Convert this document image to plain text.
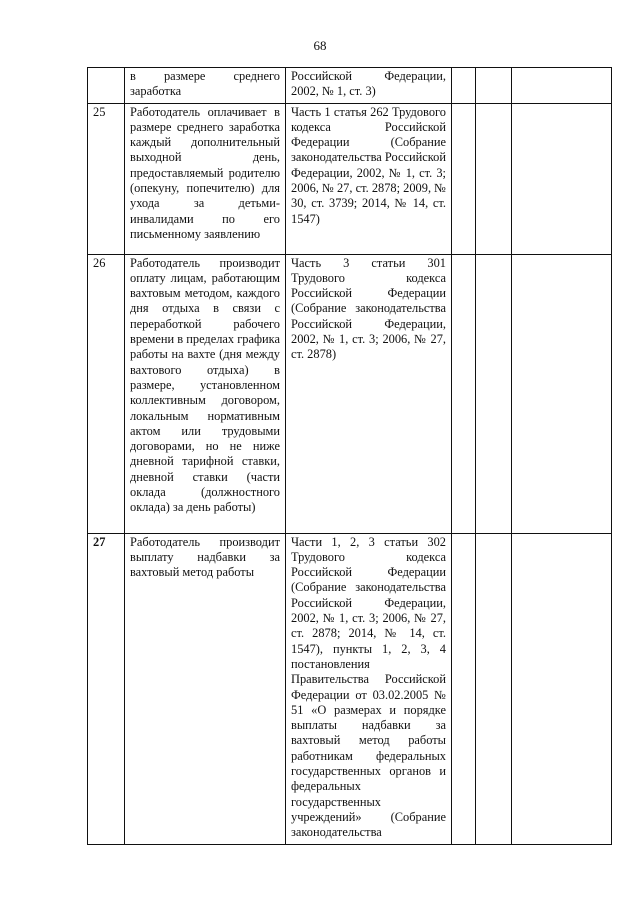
68
	в размере среднего заработка	Российской Федерации, 2002, № 1, ст. 3)			
25	Работодатель оплачивает в размере среднего заработка каждый дополнительный выходной день, предоставляемый родителю (опекуну, попечителю) для ухода за детьми-инвалидами по его письменному заявлению	Часть 1 статья 262 Трудового кодекса Российской Федерации (Собрание законодательства Российской Федерации, 2002, № 1, ст. 3; 2006, № 27, ст. 2878; 2009, № 30, ст. 3739; 2014, № 14, ст. 1547)			
26	Работодатель производит оплату лицам, работающим вахтовым методом, каждого дня отдыха в связи с переработкой рабочего времени в пределах графика работы на вахте (дня между вахтового отдыха) в размере, установленном коллективным договором, локальным нормативным актом или трудовыми договорами, но не ниже дневной тарифной ставки, дневной ставки (части оклада (должностного оклада) за день работы)	Часть 3 статьи 301 Трудового кодекса Российской Федерации (Собрание законодательства Российской Федерации, 2002, № 1, ст. 3; 2006, № 27, ст. 2878)			
27	Работодатель производит выплату надбавки за вахтовый метод работы	Части 1, 2, 3 статьи 302 Трудового кодекса Российской Федерации (Собрание законодательства Российской Федерации, 2002, № 1, ст. 3; 2006, № 27, ст. 2878; 2014, № 14, ст. 1547), пункты 1, 2, 3, 4 постановления Правительства Российской Федерации от 03.02.2005 № 51 «О размерах и порядке выплаты надбавки за вахтовый метод работы работникам федеральных государственных органов и федеральных государственных учреждений» (Собрание законодательства			
